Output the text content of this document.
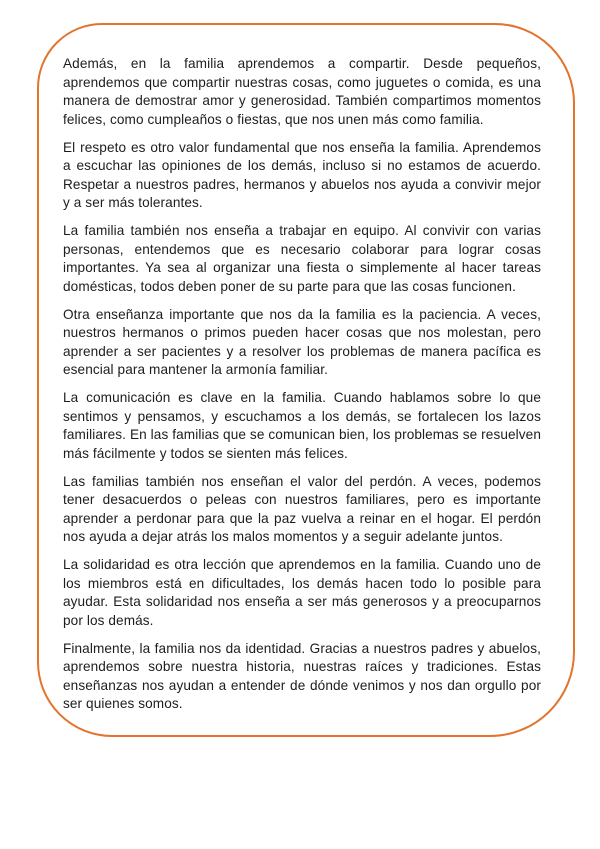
Además, en la familia aprendemos a compartir. Desde pequeños, aprendemos que compartir nuestras cosas, como juguetes o comida, es una manera de demostrar amor y generosidad. También compartimos momentos felices, como cumpleaños o fiestas, que nos unen más como familia.

El respeto es otro valor fundamental que nos enseña la familia. Aprendemos a escuchar las opiniones de los demás, incluso si no estamos de acuerdo. Respetar a nuestros padres, hermanos y abuelos nos ayuda a convivir mejor y a ser más tolerantes.

La familia también nos enseña a trabajar en equipo. Al convivir con varias personas, entendemos que es necesario colaborar para lograr cosas importantes. Ya sea al organizar una fiesta o simplemente al hacer tareas domésticas, todos deben poner de su parte para que las cosas funcionen.

Otra enseñanza importante que nos da la familia es la paciencia. A veces, nuestros hermanos o primos pueden hacer cosas que nos molestan, pero aprender a ser pacientes y a resolver los problemas de manera pacífica es esencial para mantener la armonía familiar.

La comunicación es clave en la familia. Cuando hablamos sobre lo que sentimos y pensamos, y escuchamos a los demás, se fortalecen los lazos familiares. En las familias que se comunican bien, los problemas se resuelven más fácilmente y todos se sienten más felices.

Las familias también nos enseñan el valor del perdón. A veces, podemos tener desacuerdos o peleas con nuestros familiares, pero es importante aprender a perdonar para que la paz vuelva a reinar en el hogar. El perdón nos ayuda a dejar atrás los malos momentos y a seguir adelante juntos.

La solidaridad es otra lección que aprendemos en la familia. Cuando uno de los miembros está en dificultades, los demás hacen todo lo posible para ayudar. Esta solidaridad nos enseña a ser más generosos y a preocuparnos por los demás.

Finalmente, la familia nos da identidad. Gracias a nuestros padres y abuelos, aprendemos sobre nuestra historia, nuestras raíces y tradiciones. Estas enseñanzas nos ayudan a entender de dónde venimos y nos dan orgullo por ser quienes somos.
